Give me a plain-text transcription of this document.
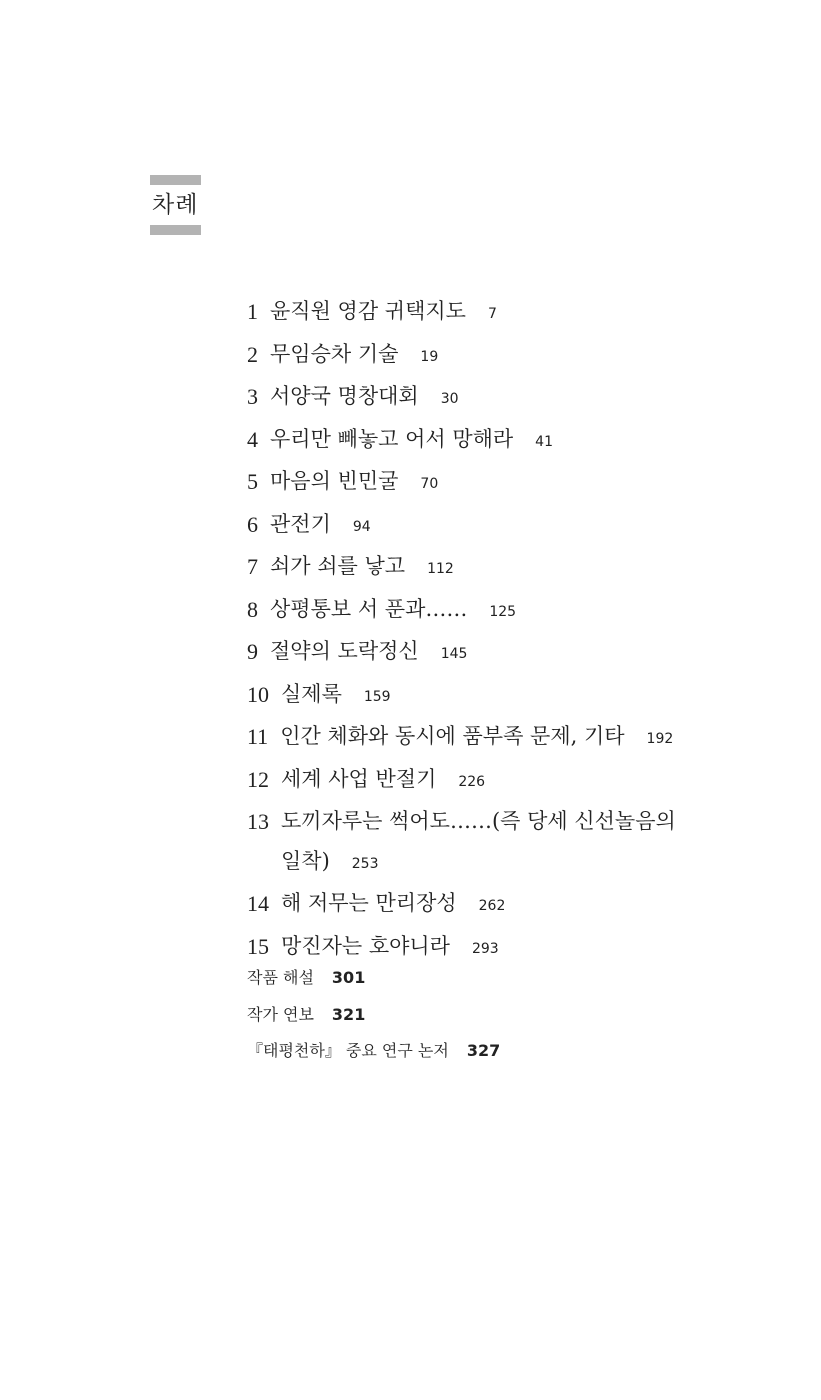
차례
1 윤직원 영감 귀택지도 7
2 무임승차 기술 19
3 서양국 명창대회 30
4 우리만 빼놓고 어서 망해라 41
5 마음의 빈민굴 70
6 관전기 94
7 쇠가 쇠를 낳고 112
8 상평통보 서 푼과…… 125
9 절약의 도락정신 145
10 실제록 159
11 인간 체화와 동시에 품부족 문제, 기타 192
12 세계 사업 반절기 226
13 도끼자루는 썩어도……(즉 당세 신선놀음의 일착) 253
14 해 저무는 만리장성 262
15 망진자는 호야니라 293
작품 해설 301
작가 연보 321
『태평천하』 중요 연구 논저 327
